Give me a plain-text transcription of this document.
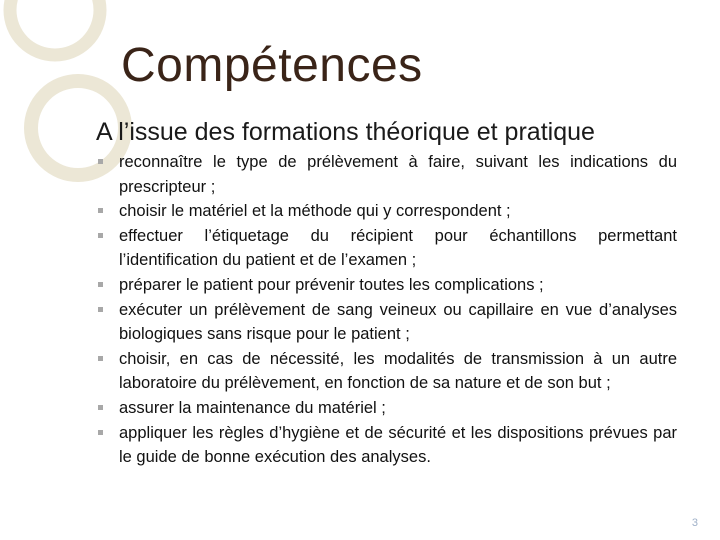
Compétences
A l’issue des formations théorique et pratique
reconnaître le type de prélèvement à faire, suivant les indications du prescripteur ;
choisir le matériel et la méthode qui y correspondent ;
effectuer l’étiquetage du récipient pour échantillons permettant l’identification du patient et de l’examen ;
préparer le patient pour prévenir toutes les complications ;
exécuter un prélèvement de sang veineux ou capillaire en vue d’analyses biologiques sans risque pour le patient ;
choisir, en cas de nécessité, les modalités de transmission à un autre laboratoire du prélèvement, en fonction de sa nature et de son but ;
assurer la maintenance du matériel ;
appliquer les règles d’hygiène et de sécurité et les dispositions prévues par le guide de bonne exécution des analyses.
3
